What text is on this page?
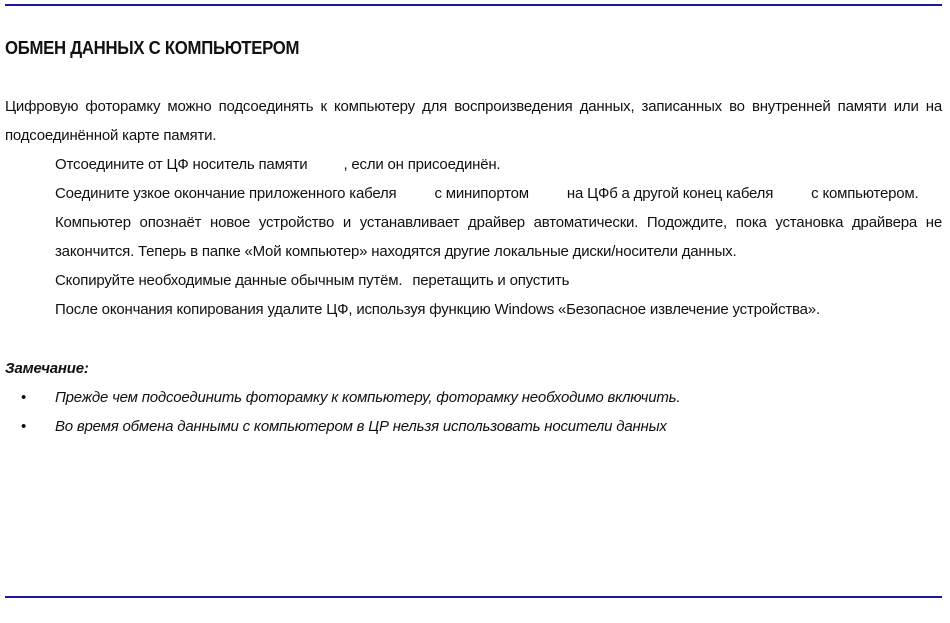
ОБМЕН ДАННЫХ С КОМПЬЮТЕРОМ
Цифровую фоторамку можно подсоединять к компьютеру для воспроизведения данных, записанных во внутренней памяти или на подсоединённой карте памяти.
Отсоедините от ЦФ носитель памяти , если он присоединён.
Соедините узкое окончание приложенного кабеля	с минипортом	на ЦФб а другой конец кабеля	с компьютером.
Компьютер опознаёт новое устройство и устанавливает драйвер автоматически. Подождите, пока установка драйвера не закончится. Теперь в папке «Мой компьютер» находятся другие локальные диски/носители данных.
Скопируйте необходимые данные обычным путём. перетащить и опустить
После окончания копирования удалите ЦФ, используя функцию Windows «Безопасное извлечение устройства».
Замечание:
• Прежде чем подсоединить фоторамку к компьютеру, фоторамку необходимо включить.
• Во время обмена данными с компьютером в ЦР нельзя использовать носители данных
